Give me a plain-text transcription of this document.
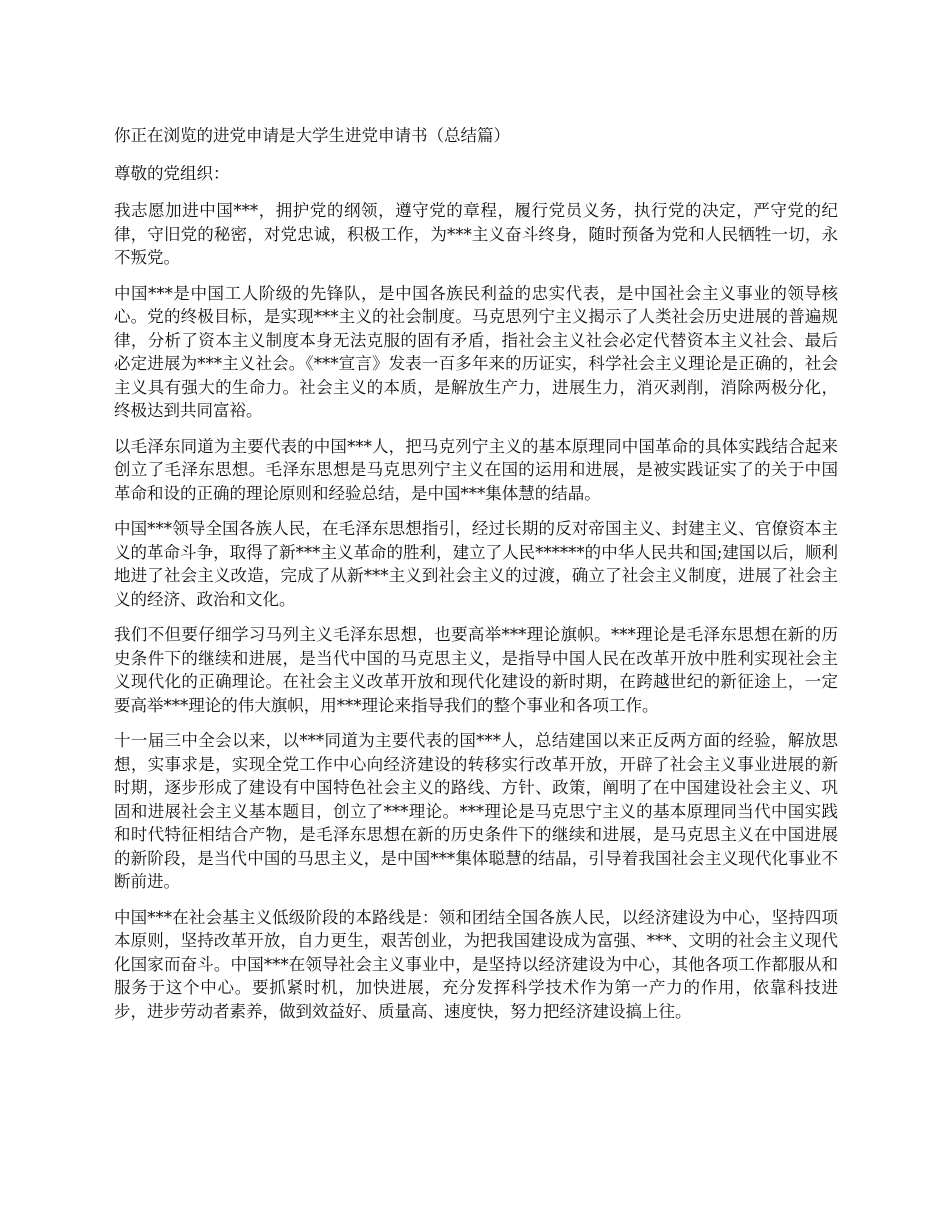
你正在浏览的进党申请是大学生进党申请书（总结篇）

尊敬的党组织：

我志愿加进中国***，拥护党的纲领，遵守党的章程，履行党员义务，执行党的决定，严守党的纪律，守旧党的秘密，对党忠诚，积极工作，为***主义奋斗终身，随时预备为党和人民牺牲一切，永不叛党。

中国***是中国工人阶级的先锋队，是中国各族民利益的忠实代表，是中国社会主义事业的领导核心。党的终极目标，是实现***主义的社会制度。马克思列宁主义揭示了人类社会历史进展的普遍规律，分析了资本主义制度本身无法克服的固有矛盾，指社会主义社会必定代替资本主义社会、最后必定进展为***主义社会。《***宣言》发表一百多年来的历证实，科学社会主义理论是正确的，社会主义具有强大的生命力。社会主义的本质，是解放生产力，进展生力，消灭剥削，消除两极分化，终极达到共同富裕。

以毛泽东同道为主要代表的中国***人，把马克列宁主义的基本原理同中国革命的具体实践结合起来创立了毛泽东思想。毛泽东思想是马克思列宁主义在国的运用和进展，是被实践证实了的关于中国革命和设的正确的理论原则和经验总结，是中国***集体慧的结晶。

中国***领导全国各族人民，在毛泽东思想指引，经过长期的反对帝国主义、封建主义、官僚资本主义的革命斗争，取得了新***主义革命的胜利，建立了人民******的中华人民共和国;建国以后，顺利地进了社会主义改造，完成了从新***主义到社会主义的过渡，确立了社会主义制度，进展了社会主义的经济、政治和文化。

我们不但要仔细学习马列主义毛泽东思想，也要高举***理论旗帜。***理论是毛泽东思想在新的历史条件下的继续和进展，是当代中国的马克思主义，是指导中国人民在改革开放中胜利实现社会主义现代化的正确理论。在社会主义改革开放和现代化建设的新时期，在跨越世纪的新征途上，一定要高举***理论的伟大旗帜，用***理论来指导我们的整个事业和各项工作。

十一届三中全会以来，以***同道为主要代表的国***人，总结建国以来正反两方面的经验，解放思想，实事求是，实现全党工作中心向经济建设的转移实行改革开放，开辟了社会主义事业进展的新时期，逐步形成了建设有中国特色社会主义的路线、方针、政策，阐明了在中国建设社会主义、巩固和进展社会主义基本题目，创立了***理论。***理论是马克思宁主义的基本原理同当代中国实践和时代特征相结合产物，是毛泽东思想在新的历史条件下的继续和进展，是马克思主义在中国进展的新阶段，是当代中国的马思主义，是中国***集体聪慧的结晶，引导着我国社会主义现代化事业不断前进。

中国***在社会基主义低级阶段的本路线是：领和团结全国各族人民，以经济建设为中心，坚持四项本原则，坚持改革开放，自力更生，艰苦创业，为把我国建设成为富强、***、文明的社会主义现代化国家而奋斗。中国***在领导社会主义事业中，是坚持以经济建设为中心，其他各项工作都服从和服务于这个中心。要抓紧时机，加快进展，充分发挥科学技术作为第一产力的作用，依靠科技进步，进步劳动者素养，做到效益好、质量高、速度快，努力把经济建设搞上往。
